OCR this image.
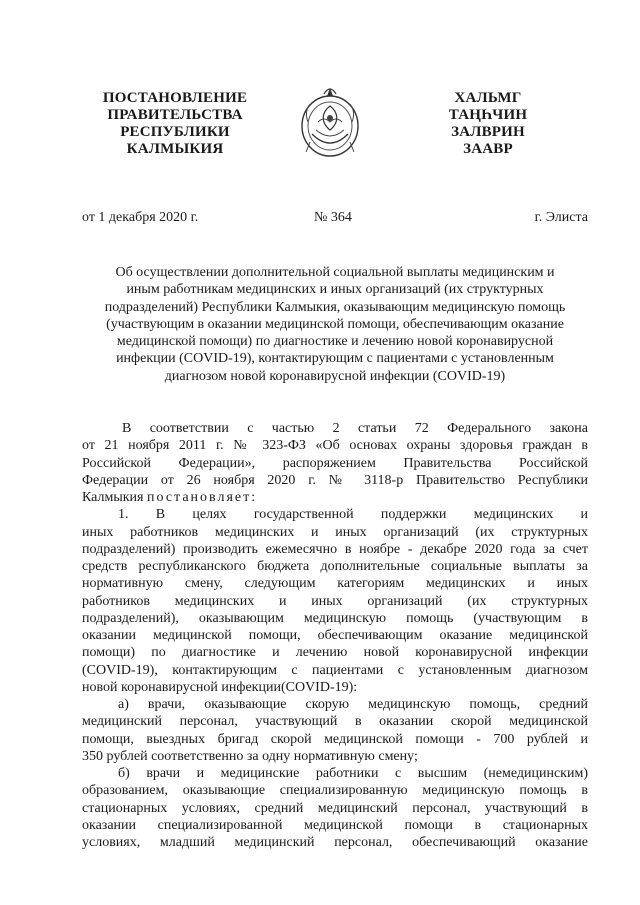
ПОСТАНОВЛЕНИЕ
ПРАВИТЕЛЬСТВА
РЕСПУБЛИКИ
КАЛМЫКИЯ
ХАЛЬМГ
ТАҢҺЧИН
ЗАЛВРИН
ЗААВР
от 1 декабря 2020 г.	№ 364	г. Элиста
Об осуществлении дополнительной социальной выплаты медицинским и
иным работникам медицинских и иных организаций (их структурных
подразделений) Республики Калмыкия, оказывающим медицинскую помощь
(участвующим в оказании медицинской помощи, обеспечивающим оказание
медицинской помощи) по диагностике и лечению новой коронавирусной
инфекции (COVID-19), контактирующим с пациентами с установленным
диагнозом новой коронавирусной инфекции (COVID-19)
В соответствии с частью 2 статьи 72 Федерального закона
от 21 ноября 2011 г. № 323-ФЗ «Об основах охраны здоровья граждан в
Российской Федерации», распоряжением Правительства Российской
Федерации от 26 ноября 2020 г. № 3118-р Правительство Республики
Калмыкия постановляет:
1. В целях государственной поддержки медицинских и
иных работников медицинских и иных организаций (их структурных
подразделений) производить ежемесячно в ноябре - декабре 2020 года за счет
средств республиканского бюджета дополнительные социальные выплаты за
нормативную смену, следующим категориям медицинских и иных
работников медицинских и иных организаций (их структурных
подразделений), оказывающим медицинскую помощь (участвующим в
оказании медицинской помощи, обеспечивающим оказание медицинской
помощи) по диагностике и лечению новой коронавирусной инфекции
(COVID-19), контактирующим с пациентами с установленным диагнозом
новой коронавирусной инфекции(COVID-19):
а) врачи, оказывающие скорую медицинскую помощь, средний
медицинский персонал, участвующий в оказании скорой медицинской
помощи, выездных бригад скорой медицинской помощи - 700 рублей и
350 рублей соответственно за одну нормативную смену;
б) врачи и медицинские работники с высшим (немедицинским)
образованием, оказывающие специализированную медицинскую помощь в
стационарных условиях, средний медицинский персонал, участвующий в
оказании специализированной медицинской помощи в стационарных
условиях, младший медицинский персонал, обеспечивающий оказание
